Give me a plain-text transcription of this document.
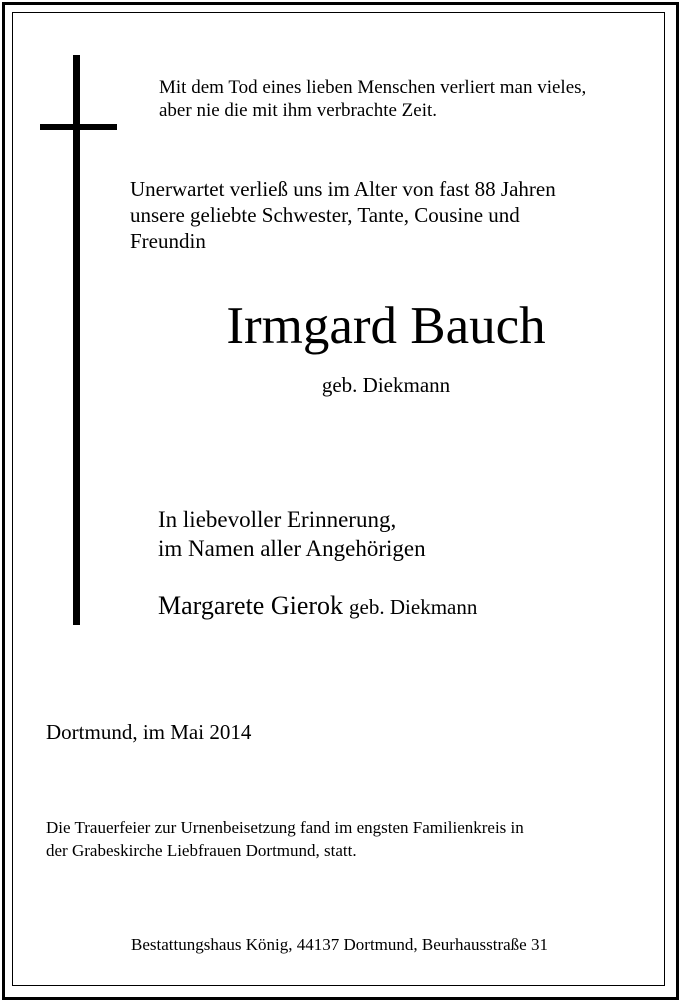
Mit dem Tod eines lieben Menschen verliert man vieles,
aber nie die mit ihm verbrachte Zeit.
Unerwartet verließ uns im Alter von fast 88 Jahren
unsere geliebte Schwester, Tante, Cousine und
Freundin
Irmgard Bauch
geb. Diekmann
In liebevoller Erinnerung,
im Namen aller Angehörigen
Margarete Gierok geb. Diekmann
Dortmund, im Mai 2014
Die Trauerfeier zur Urnenbeisetzung fand im engsten Familienkreis in
der Grabeskirche Liebfrauen Dortmund, statt.
Bestattungshaus König, 44137 Dortmund, Beurhausstraße 31
